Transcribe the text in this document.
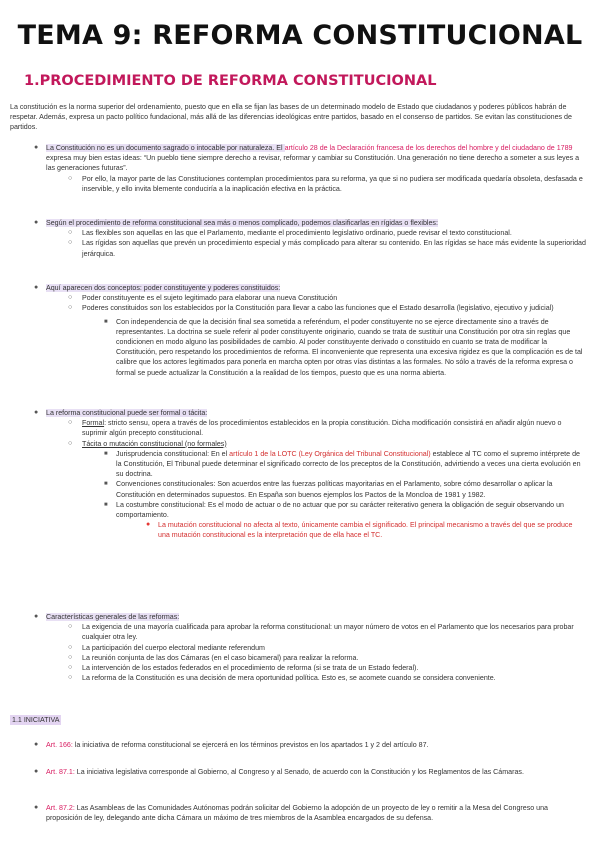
TEMA 9: REFORMA CONSTITUCIONAL
1.PROCEDIMIENTO DE REFORMA CONSTITUCIONAL

La constitución es la norma superior del ordenamiento, puesto que en ella se fijan las bases de un determinado modelo de Estado que ciudadanos y poderes públicos habrán de respetar. Además, expresa un pacto político fundacional, más allá de las diferencias ideológicas entre partidos, basado en el consenso de partidos. Se evitan las constituciones de partidos.

● La Constitución no es un documento sagrado o intocable por naturaleza. El artículo 28 de la Declaración francesa de los derechos del hombre y del ciudadano de 1789 expresa muy bien estas ideas: “Un pueblo tiene siempre derecho a revisar, reformar y cambiar su Constitución. Una generación no tiene derecho a someter a sus leyes a las generaciones futuras”.
○ Por ello, la mayor parte de las Constituciones contemplan procedimientos para su reforma, ya que si no pudiera ser modificada quedaría obsoleta, desfasada e inservible, y ello invita blemente conduciría a la inaplicación efectiva en la práctica.
● Según el procedimiento de reforma constitucional sea más o menos complicado, podemos clasificarlas en rígidas o flexibles:
○ Las flexibles son aquellas en las que el Parlamento, mediante el procedimiento legislativo ordinario, puede revisar el texto constitucional.
○ Las rígidas son aquellas que prevén un procedimiento especial y más complicado para alterar su contenido. En las rígidas se hace más evidente la superioridad jerárquica.
● Aquí aparecen dos conceptos: poder constituyente y poderes constituidos:
○ Poder constituyente es el sujeto legitimado para elaborar una nueva Constitución
○ Poderes constituidos son los establecidos por la Constitución para llevar a cabo las funciones que el Estado desarrolla (legislativo, ejecutivo y judicial)
■ Con independencia de que la decisión final sea sometida a referéndum, el poder constituyente no se ejerce directamente sino a través de representantes. La doctrina se suele referir al poder constituyente originario, cuando se trata de sustituir una Constitución por otra sin reglas que condicionen en modo alguno las posibilidades de cambio. Al poder constituyente derivado o constituido en cuanto se trata de modificar la Constitución, pero respetando los procedimientos de reforma. El inconveniente que representa una excesiva rigidez es que la complicación es de tal calibre que los actores legitimados para ponerla en marcha opten por otras vías distintas a las formales. No sólo a través de la reforma expresa o formal se puede actualizar la Constitución a la realidad de los tiempos, puesto que es una norma abierta.
● La reforma constitucional puede ser formal o tácita:
○ Formal: stricto sensu, opera a través de los procedimientos establecidos en la propia constitución. Dicha modificación consistirá en añadir algún nuevo o suprimir algún precepto constitucional.
○ Tácita o mutación constitucional (no formales)
■ Jurisprudencia constitucional: En el artículo 1 de la LOTC (Ley Orgánica del Tribunal Constitucional) establece al TC como el supremo intérprete de la Constitución, El Tribunal puede determinar el significado correcto de los preceptos de la Constitución, advirtiendo a veces una cierta evolución en su doctrina.
■ Convenciones constitucionales: Son acuerdos entre las fuerzas políticas mayoritarias en el Parlamento, sobre cómo desarrollar o aplicar la Constitución en determinados supuestos. En España son buenos ejemplos los Pactos de la Moncloa de 1981 y 1982.
■ La costumbre constitucional: Es el modo de actuar o de no actuar que por su carácter reiterativo genera la obligación de seguir observando un comportamiento.
● La mutación constitucional no afecta al texto, únicamente cambia el significado. El principal mecanismo a través del que se produce una mutación constitucional es la interpretación que de ella hace el TC.
● Características generales de las reformas:
○ La exigencia de una mayoría cualificada para aprobar la reforma constitucional: un mayor número de votos en el Parlamento que los necesarios para probar cualquier otra ley.
○ La participación del cuerpo electoral mediante referendum
○ La reunión conjunta de las dos Cámaras (en el caso bicameral) para realizar la reforma.
○ La intervención de los estados federados en el procedimiento de reforma (si se trata de un Estado federal).
○ La reforma de la Constitución es una decisión de mera oportunidad política. Esto es, se acomete cuando se considera conveniente.
1.1 INICIATIVA
● Art. 166: la iniciativa de reforma constitucional se ejercerá en los términos previstos en los apartados 1 y 2 del artículo 87.
● Art. 87.1: La iniciativa legislativa corresponde al Gobierno, al Congreso y al Senado, de acuerdo con la Constitución y los Reglamentos de las Cámaras.
● Art. 87.2: Las Asambleas de las Comunidades Autónomas podrán solicitar del Gobierno la adopción de un proyecto de ley o remitir a la Mesa del Congreso una proposición de ley, delegando ante dicha Cámara un máximo de tres miembros de la Asamblea encargados de su defensa.
